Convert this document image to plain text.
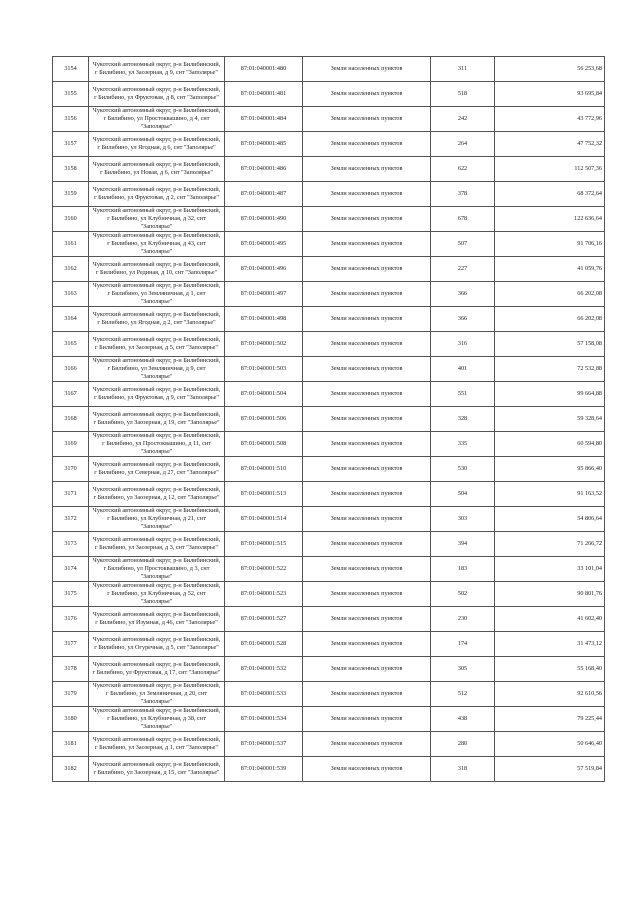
3154	Чукотский автономный округ, р-н Билибинский, г Билибино, ул Заозерная, д 9, снт "Заполярье"	87:01:040001:480	Земли населенных пунктов	311	56 253,68
3155	Чукотский автономный округ, р-н Билибинский, г Билибино, ул Фруктовая, д 8, снт "Заполярье"	87:01:040001:481	Земли населенных пунктов	518	93 695,84
3156	Чукотский автономный округ, р-н Билибинский, г Билибино, ул Простоквашино, д 4, снт "Заполярье"	87:01:040001:484	Земли населенных пунктов	242	43 772,96
3157	Чукотский автономный округ, р-н Билибинский, г Билибино, ул Ягодная, д 6, снт "Заполярье"	87:01:040001:485	Земли населенных пунктов	264	47 752,32
3158	Чукотский автономный округ, р-н Билибинский, г Билибино, ул Новая, д 6, снт "Заполярье"	87:01:040001:486	Земли населенных пунктов	622	112 507,36
3159	Чукотский автономный округ, р-н Билибинский, г Билибино, ул Фруктовая, д 2, снт "Заполярье"	87:01:040001:487	Земли населенных пунктов	378	68 372,64
3160	Чукотский автономный округ, р-н Билибинский, г Билибино, ул Клубничная, д 32, снт "Заполярье"	87:01:040001:490	Земли населенных пунктов	678	122 636,64
3161	Чукотский автономный округ, р-н Билибинский, г Билибино, ул Клубничная, д 43, снт "Заполярье"	87:01:040001:495	Земли населенных пунктов	507	91 706,16
3162	Чукотский автономный округ, р-н Билибинский, г Билибино, ул Рединая, д 10, снт "Заполярье"	87:01:040001:496	Земли населенных пунктов	227	41 059,76
3163	Чукотский автономный округ, р-н Билибинский, г Билибино, ул Земляничная, д 1, снт "Заполярье"	87:01:040001:497	Земли населенных пунктов	366	66 202,08
3164	Чукотский автономный округ, р-н Билибинский, г Билибино, ул Ягодная, д 2, снт "Заполярье"	87:01:040001:498	Земли населенных пунктов	366	66 202,08
3165	Чукотский автономный округ, р-н Билибинский, г Билибино, ул Заозерная, д 5, снт "Заполярье"	87:01:040001:502	Земли населенных пунктов	316	57 158,08
3166	Чукотский автономный округ, р-н Билибинский, г Билибино, ул Земляничная, д 9, снт "Заполярье"	87:01:040001:503	Земли населенных пунктов	401	72 532,88
3167	Чукотский автономный округ, р-н Билибинский, г Билибино, ул Фруктовая, д 9, снт "Заполярье"	87:01:040001:504	Земли населенных пунктов	551	99 664,88
3168	Чукотский автономный округ, р-н Билибинский, г Билибино, ул Заозерная, д 19, снт "Заполярье"	87:01:040001:506	Земли населенных пунктов	328	59 328,64
3169	Чукотский автономный округ, р-н Билибинский, г Билибино, ул Простоквашино, д 11, снт "Заполярье"	87:01:040001:508	Земли населенных пунктов	335	60 594,80
3170	Чукотский автономный округ, р-н Билибинский, г Билибино, ул Северная, д 27, снт "Заполярье"	87:01:040001:510	Земли населенных пунктов	530	95 866,40
3171	Чукотский автономный округ, р-н Билибинский, г Билибино, ул Заозерная, д 12, снт "Заполярье"	87:01:040001:513	Земли населенных пунктов	504	91 163,52
3172	Чукотский автономный округ, р-н Билибинский, г Билибино, ул Клубничная, д 21, снт "Заполярье"	87:01:040001:514	Земли населенных пунктов	303	54 806,64
3173	Чукотский автономный округ, р-н Билибинский, г Билибино, ул Заозерная, д 3, снт "Заполярье"	87:01:040001:515	Земли населенных пунктов	394	71 266,72
3174	Чукотский автономный округ, р-н Билибинский, г Билибино, ул Простоквашино, д 3, снт "Заполярье"	87:01:040001:522	Земли населенных пунктов	183	33 101,04
3175	Чукотский автономный округ, р-н Билибинский, г Билибино, ул Клубничная, д 52, снт "Заполярье"	87:01:040001:523	Земли населенных пунктов	502	90 801,76
3176	Чукотский автономный округ, р-н Билибинский, г Билибино, ул Изумная, д 46, снт "Заполярье"	87:01:040001:527	Земли населенных пунктов	230	41 602,40
3177	Чукотский автономный округ, р-н Билибинский, г Билибино, ул Огуречная, д 5, снт "Заполярье"	87:01:040001:528	Земли населенных пунктов	174	31 473,12
3178	Чукотский автономный округ, р-н Билибинский, г Билибино, ул Фруктовая, д 17, снт "Заполярье"	87:01:040001:532	Земли населенных пунктов	305	55 168,40
3179	Чукотский автономный округ, р-н Билибинский, г Билибино, ул Земляничная, д 20, снт "Заполярье"	87:01:040001:533	Земли населенных пунктов	512	92 610,56
3180	Чукотский автономный округ, р-н Билибинский, г Билибино, ул Клубничная, д 38, снт "Заполярье"	87:01:040001:534	Земли населенных пунктов	438	79 225,44
3181	Чукотский автономный округ, р-н Билибинский, г Билибино, ул Заозерная, д 1, снт "Заполярье"	87:01:040001:537	Земли населенных пунктов	280	50 646,40
3182	Чукотский автономный округ, р-н Билибинский, г Билибино, ул Заозерная, д 15, снт "Заполярье"	87:01:040001:539	Земли населенных пунктов	318	57 519,84
